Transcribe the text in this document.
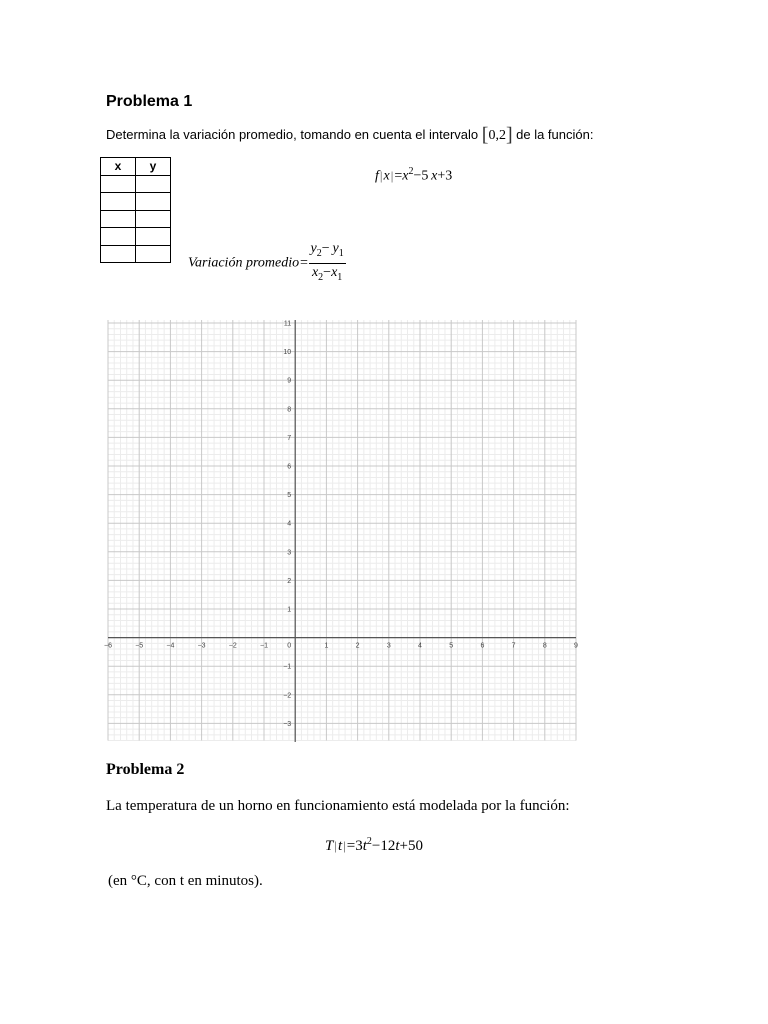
Problema 1
Determina la variación promedio, tomando en cuenta el intervalo [0,2] de la función:
$f|x|=x^2-5$  x+3
x	y

Variación promedio= $\frac{y_2- y_1}{x_2-x_1}$
−6	−5	−4	−3	−2	−1	0	1	2	3	4	5	6	7	8	9
11
10
9
8
7
6
5
4
3
2
1
−1
−2
−3
Problema 2
La temperatura de un horno en funcionamiento está modelada por la función:
$T|t|=3t^2-12t+50$
(en °C, con t en minutos).
